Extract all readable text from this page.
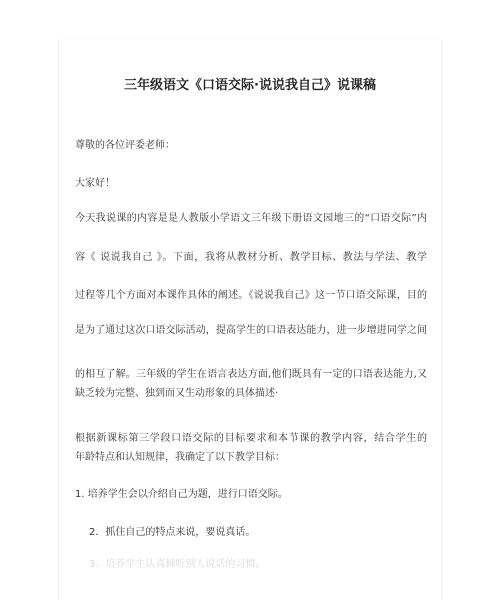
三年级语文《口语交际·说说我自己》说课稿
尊敬的各位评委老师：
大家好！
今天我说课的内容是是人教版小学语文三年级下册语文园地三的“口语交际”内
容《 说说我自己 》。下面，我将从教材分析、教学目标、教法与学法、教学
过程等几个方面对本课作具体的阐述。《说说我自己》这一节口语交际课，目的
是为了通过这次口语交际活动，提高学生的口语表达能力，进一步增进同学之间
的相互了解。三年级的学生在语言表达方面,他们既具有一定的口语表达能力,又
缺乏较为完整、独到而又生动形象的具体描述·
根据新课标第三学段口语交际的目标要求和本节课的教学内容，结合学生的
年龄特点和认知规律，我确定了以下教学目标：
1. 培养学生会以介绍自己为题，进行口语交际。
2．抓住自己的特点来说，要说真话。
3．培养学生认真倾听别人说话的习惯。
